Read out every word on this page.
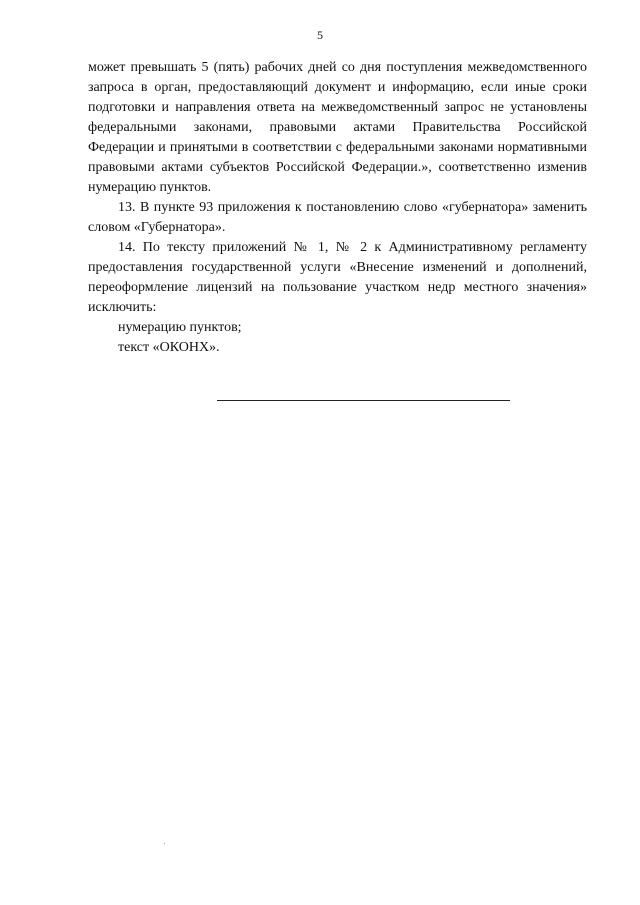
5

может превышать 5 (пять) рабочих дней со дня поступления межведомственного запроса в орган, предоставляющий документ и информацию, если иные сроки подготовки и направления ответа на межведомственный запрос не установлены федеральными законами, правовыми актами Правительства Российской Федерации и принятыми в соответствии с федеральными законами нормативными правовыми актами субъектов Российской Федерации.», соответственно изменив нумерацию пунктов.

13. В пункте 93 приложения к постановлению слово «губернатора» заменить словом «Губернатора».

14. По тексту приложений № 1, № 2 к Административному регламенту предоставления государственной услуги «Внесение изменений и дополнений, переоформление лицензий на пользование участком недр местного значения» исключить:

нумерацию пунктов;

текст «ОКОНХ».
